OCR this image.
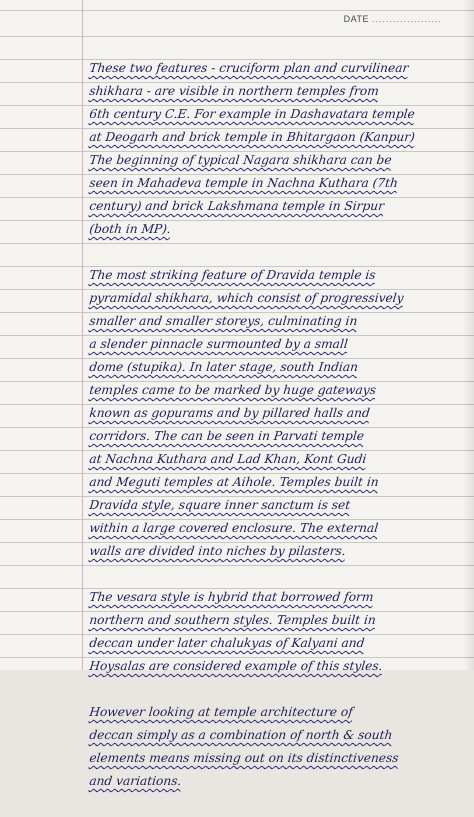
DATE ....................
These two features - cruciform plan and curvilinear
shikhara - are visible in northern temples from
6th century C.E. For example in Dashavatara temple
at Deogarh and brick temple in Bhitargaon (Kanpur)
The beginning of typical Nagara shikhara can be
seen in Mahadeva temple in Nachna Kuthara (7th
century) and brick Lakshmana temple in Sirpur
(both in MP).
The most striking feature of Dravida temple is
pyramidal shikhara, which consist of progressively
smaller and smaller storeys, culminating in
a slender pinnacle surmounted by a small
dome (stupika). In later stage, south Indian
temples came to be marked by huge gateways
known as gopurams and by pillared halls and
corridors. The can be seen in Parvati temple
at Nachna Kuthara and Lad Khan, Kont Gudi
and Meguti temples at Aihole. Temples built in
Dravida style, square inner sanctum is set
within a large covered enclosure. The external
walls are divided into niches by pilasters.
The vesara style is hybrid that borrowed form
northern and southern styles. Temples built in
deccan under later chalukyas of Kalyani and
Hoysalas are considered example of this styles.
However looking at temple architecture of
deccan simply as a combination of north & south
elements means missing out on its distinctiveness
and variations.
